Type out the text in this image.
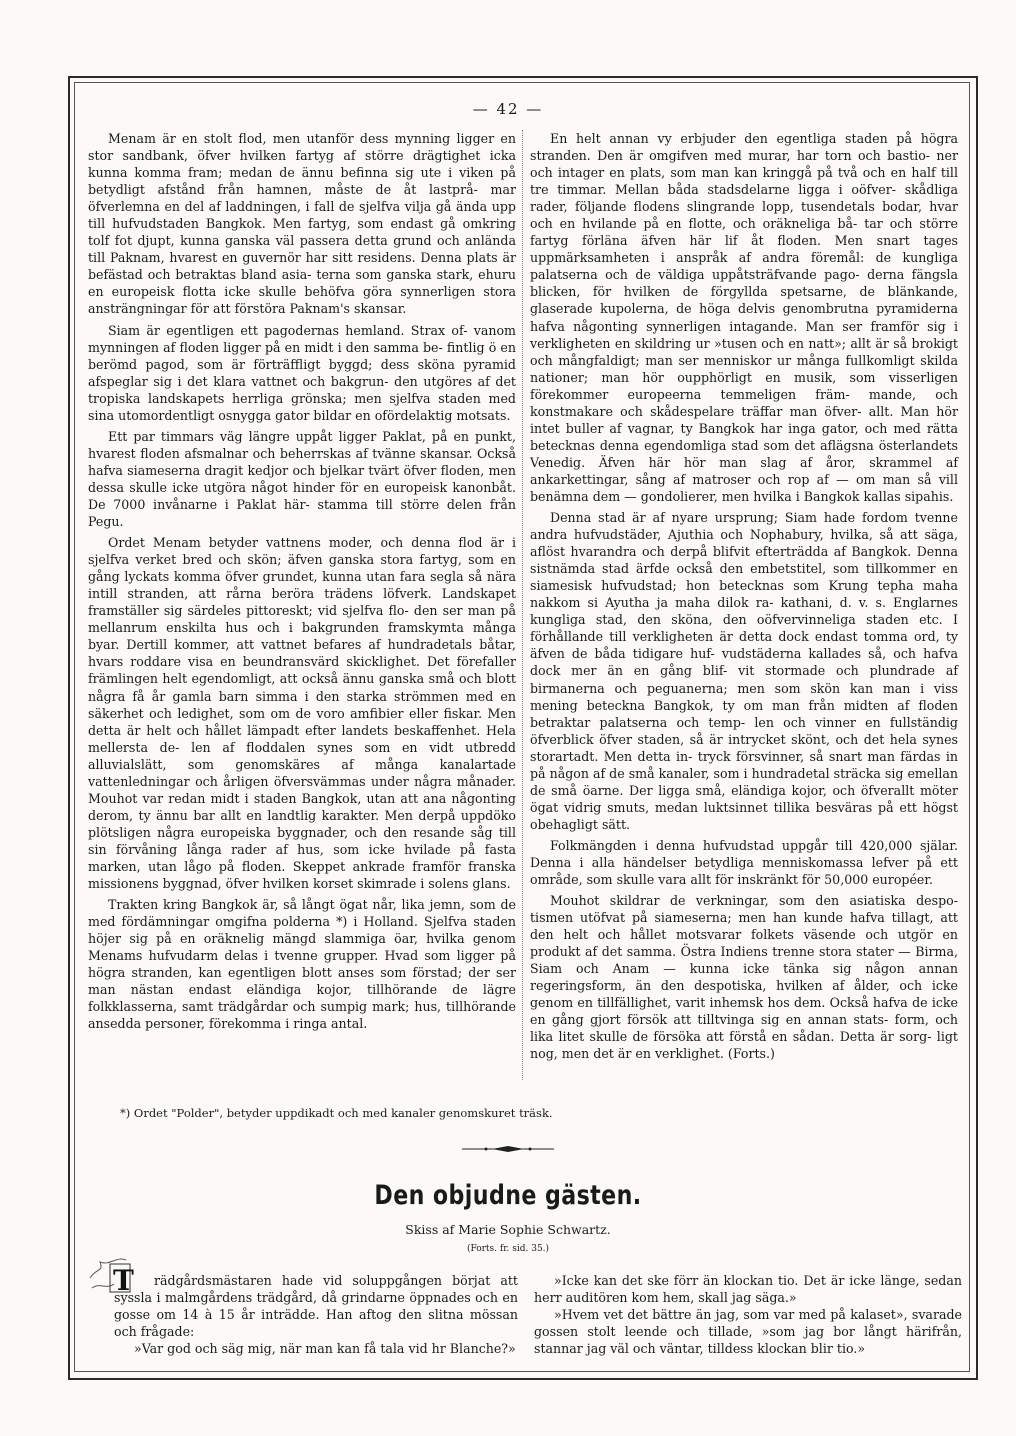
— 42 —

Menam är en stolt flod, men utanför dess mynning ligger en stor sandbank, öfver hvilken fartyg af större drägtighet icka kunna komma fram; medan de ännu befinna sig ute i viken på betydligt afstånd från hamnen, måste de åt lastprå- mar öfverlemna en del af laddningen, i fall de sjelfva vilja gå ända upp till hufvudstaden Bangkok. Men fartyg, som endast gå omkring tolf fot djupt, kunna ganska väl passera detta grund och anlända till Paknam, hvarest en guvernör har sitt residens. Denna plats är befästad och betraktas bland asia- terna som ganska stark, ehuru en europeisk flotta icke skulle behöfva göra synnerligen stora ansträngningar för att förstöra Paknam's skansar.

Siam är egentligen ett pagodernas hemland. Strax of- vanom mynningen af floden ligger på en midt i den samma be- fintlig ö en berömd pagod, som är förträffligt byggd; dess sköna pyramid afspeglar sig i det klara vattnet och bakgrun- den utgöres af det tropiska landskapets herrliga grönska; men sjelfva staden med sina utomordentligt osnygga gator bildar en ofördelaktig motsats.

Ett par timmars väg längre uppåt ligger Paklat, på en punkt, hvarest floden afsmalnar och beherrskas af tvänne skansar. Också hafva siameserna dragit kedjor och bjelkar tvärt öfver floden, men dessa skulle icke utgöra något hinder för en europeisk kanonbåt. De 7000 invånarne i Paklat här- stamma till större delen från Pegu.

Ordet Menam betyder vattnens moder, och denna flod är i sjelfva verket bred och skön; äfven ganska stora fartyg, som en gång lyckats komma öfver grundet, kunna utan fara segla så nära intill stranden, att rårna beröra trädens löfverk. Landskapet framställer sig särdeles pittoreskt; vid sjelfva flo- den ser man på mellanrum enskilta hus och i bakgrunden framskymta många byar. Dertill kommer, att vattnet befares af hundradetals båtar, hvars roddare visa en beundransvärd skicklighet. Det förefaller främlingen helt egendomligt, att också ännu ganska små och blott några få år gamla barn simma i den starka strömmen med en säkerhet och ledighet, som om de voro amfibier eller fiskar. Men detta är helt och hållet lämpadt efter landets beskaffenhet. Hela mellersta de- len af floddalen synes som en vidt utbredd alluvialslätt, som genomskäres af många kanalartade vattenledningar och årligen öfversvämmas under några månader. Mouhot var redan midt i staden Bangkok, utan att ana någonting derom, ty ännu bar allt en landtlig karakter. Men derpå uppdöko plötsligen några europeiska byggnader, och den resande såg till sin förvåning långa rader af hus, som icke hvilade på fasta marken, utan lågo på floden. Skeppet ankrade framför franska missionens byggnad, öfver hvilken korset skimrade i solens glans.

Trakten kring Bangkok är, så långt ögat når, lika jemn, som de med fördämningar omgifna polderna *) i Holland. Sjelfva staden höjer sig på en oräknelig mängd slammiga öar, hvilka genom Menams hufvudarm delas i tvenne grupper. Hvad som ligger på högra stranden, kan egentligen blott anses som förstad; der ser man nästan endast eländiga kojor, tillhörande de lägre folkklasserna, samt trädgårdar och sumpig mark; hus, tillhörande ansedda personer, förekomma i ringa antal.

En helt annan vy erbjuder den egentliga staden på högra stranden. Den är omgifven med murar, har torn och bastio- ner och intager en plats, som man kan kringgå på två och en half till tre timmar. Mellan båda stadsdelarne ligga i oöfver- skådliga rader, följande flodens slingrande lopp, tusendetals bodar, hvar och en hvilande på en flotte, och oräkneliga bå- tar och större fartyg förläna äfven här lif åt floden. Men snart tages uppmärksamheten i anspråk af andra föremål: de kungliga palatserna och de väldiga uppåtsträfvande pago- derna fängsla blicken, för hvilken de förgyllda spetsarne, de blänkande, glaserade kupolerna, de höga delvis genombrutna pyramiderna hafva någonting synnerligen intagande. Man ser framför sig i verkligheten en skildring ur »tusen och en natt»; allt är så brokigt och mångfaldigt; man ser menniskor ur många fullkomligt skilda nationer; man hör oupphörligt en musik, som visserligen förekommer europeerna temmeligen främ- mande, och konstmakare och skådespelare träffar man öfver- allt. Man hör intet buller af vagnar, ty Bangkok har inga gator, och med rätta betecknas denna egendomliga stad som det aflägsna österlandets Venedig. Äfven här hör man slag af åror, skrammel af ankarkettingar, sång af matroser och rop af — om man så vill benämna dem — gondolierer, men hvilka i Bangkok kallas sipahis.

Denna stad är af nyare ursprung; Siam hade fordom tvenne andra hufvudstäder, Ajuthia och Nophabury, hvilka, så att säga, aflöst hvarandra och derpå blifvit efterträdda af Bangkok. Denna sistnämda stad ärfde också den embetstitel, som tillkommer en siamesisk hufvudstad; hon betecknas som Krung tepha maha nakkom si Ayutha ja maha dilok ra- kathani, d. v. s. Englarnes kungliga stad, den sköna, den oöfvervinneliga staden etc. I förhållande till verkligheten är detta dock endast tomma ord, ty äfven de båda tidigare huf- vudstäderna kallades så, och hafva dock mer än en gång blif- vit stormade och plundrade af birmanerna och peguanerna; men som skön kan man i viss mening beteckna Bangkok, ty om man från midten af floden betraktar palatserna och temp- len och vinner en fullständig öfverblick öfver staden, så är intrycket skönt, och det hela synes storartadt. Men detta in- tryck försvinner, så snart man färdas in på någon af de små kanaler, som i hundradetal sträcka sig emellan de små öarne. Der ligga små, eländiga kojor, och öfverallt möter ögat vidrig smuts, medan luktsinnet tillika besväras på ett högst obehagligt sätt.

Folkmängden i denna hufvudstad uppgår till 420,000 själar. Denna i alla händelser betydliga menniskomassa lefver på ett område, som skulle vara allt för inskränkt för 50,000 européer.

Mouhot skildrar de verkningar, som den asiatiska despo- tismen utöfvat på siameserna; men han kunde hafva tillagt, att den helt och hållet motsvarar folkets väsende och utgör en produkt af det samma. Östra Indiens trenne stora stater — Birma, Siam och Anam — kunna icke tänka sig någon annan regeringsform, än den despotiska, hvilken af ålder, och icke genom en tillfällighet, varit inhemsk hos dem. Också hafva de icke en gång gjort försök att tilltvinga sig en annan stats- form, och lika litet skulle de försöka att förstå en sådan. Detta är sorg- ligt nog, men det är en verklighet. (Forts.)

*) Ordet "Polder", betyder uppdikadt och med kanaler genomskuret träsk.
Den objudne gästen.
Skiss af Marie Sophie Schwartz.
(Forts. fr. sid. 35.)
T	rädgårdsmästaren hade vid soluppgången börjat att syssla i malmgårdens trädgård, då grindarne öppnades och en gosse om 14 à 15 år inträdde. Han aftog den slitna mössan och frågade:

»Var god och säg mig, när man kan få tala vid hr Blanche?»

»Icke kan det ske förr än klockan tio. Det är icke länge, sedan herr auditören kom hem, skall jag säga.»

»Hvem vet det bättre än jag, som var med på kalaset», svarade gossen stolt leende och tillade, »som jag bor långt härifrån, stannar jag väl och väntar, tilldess klockan blir tio.»
